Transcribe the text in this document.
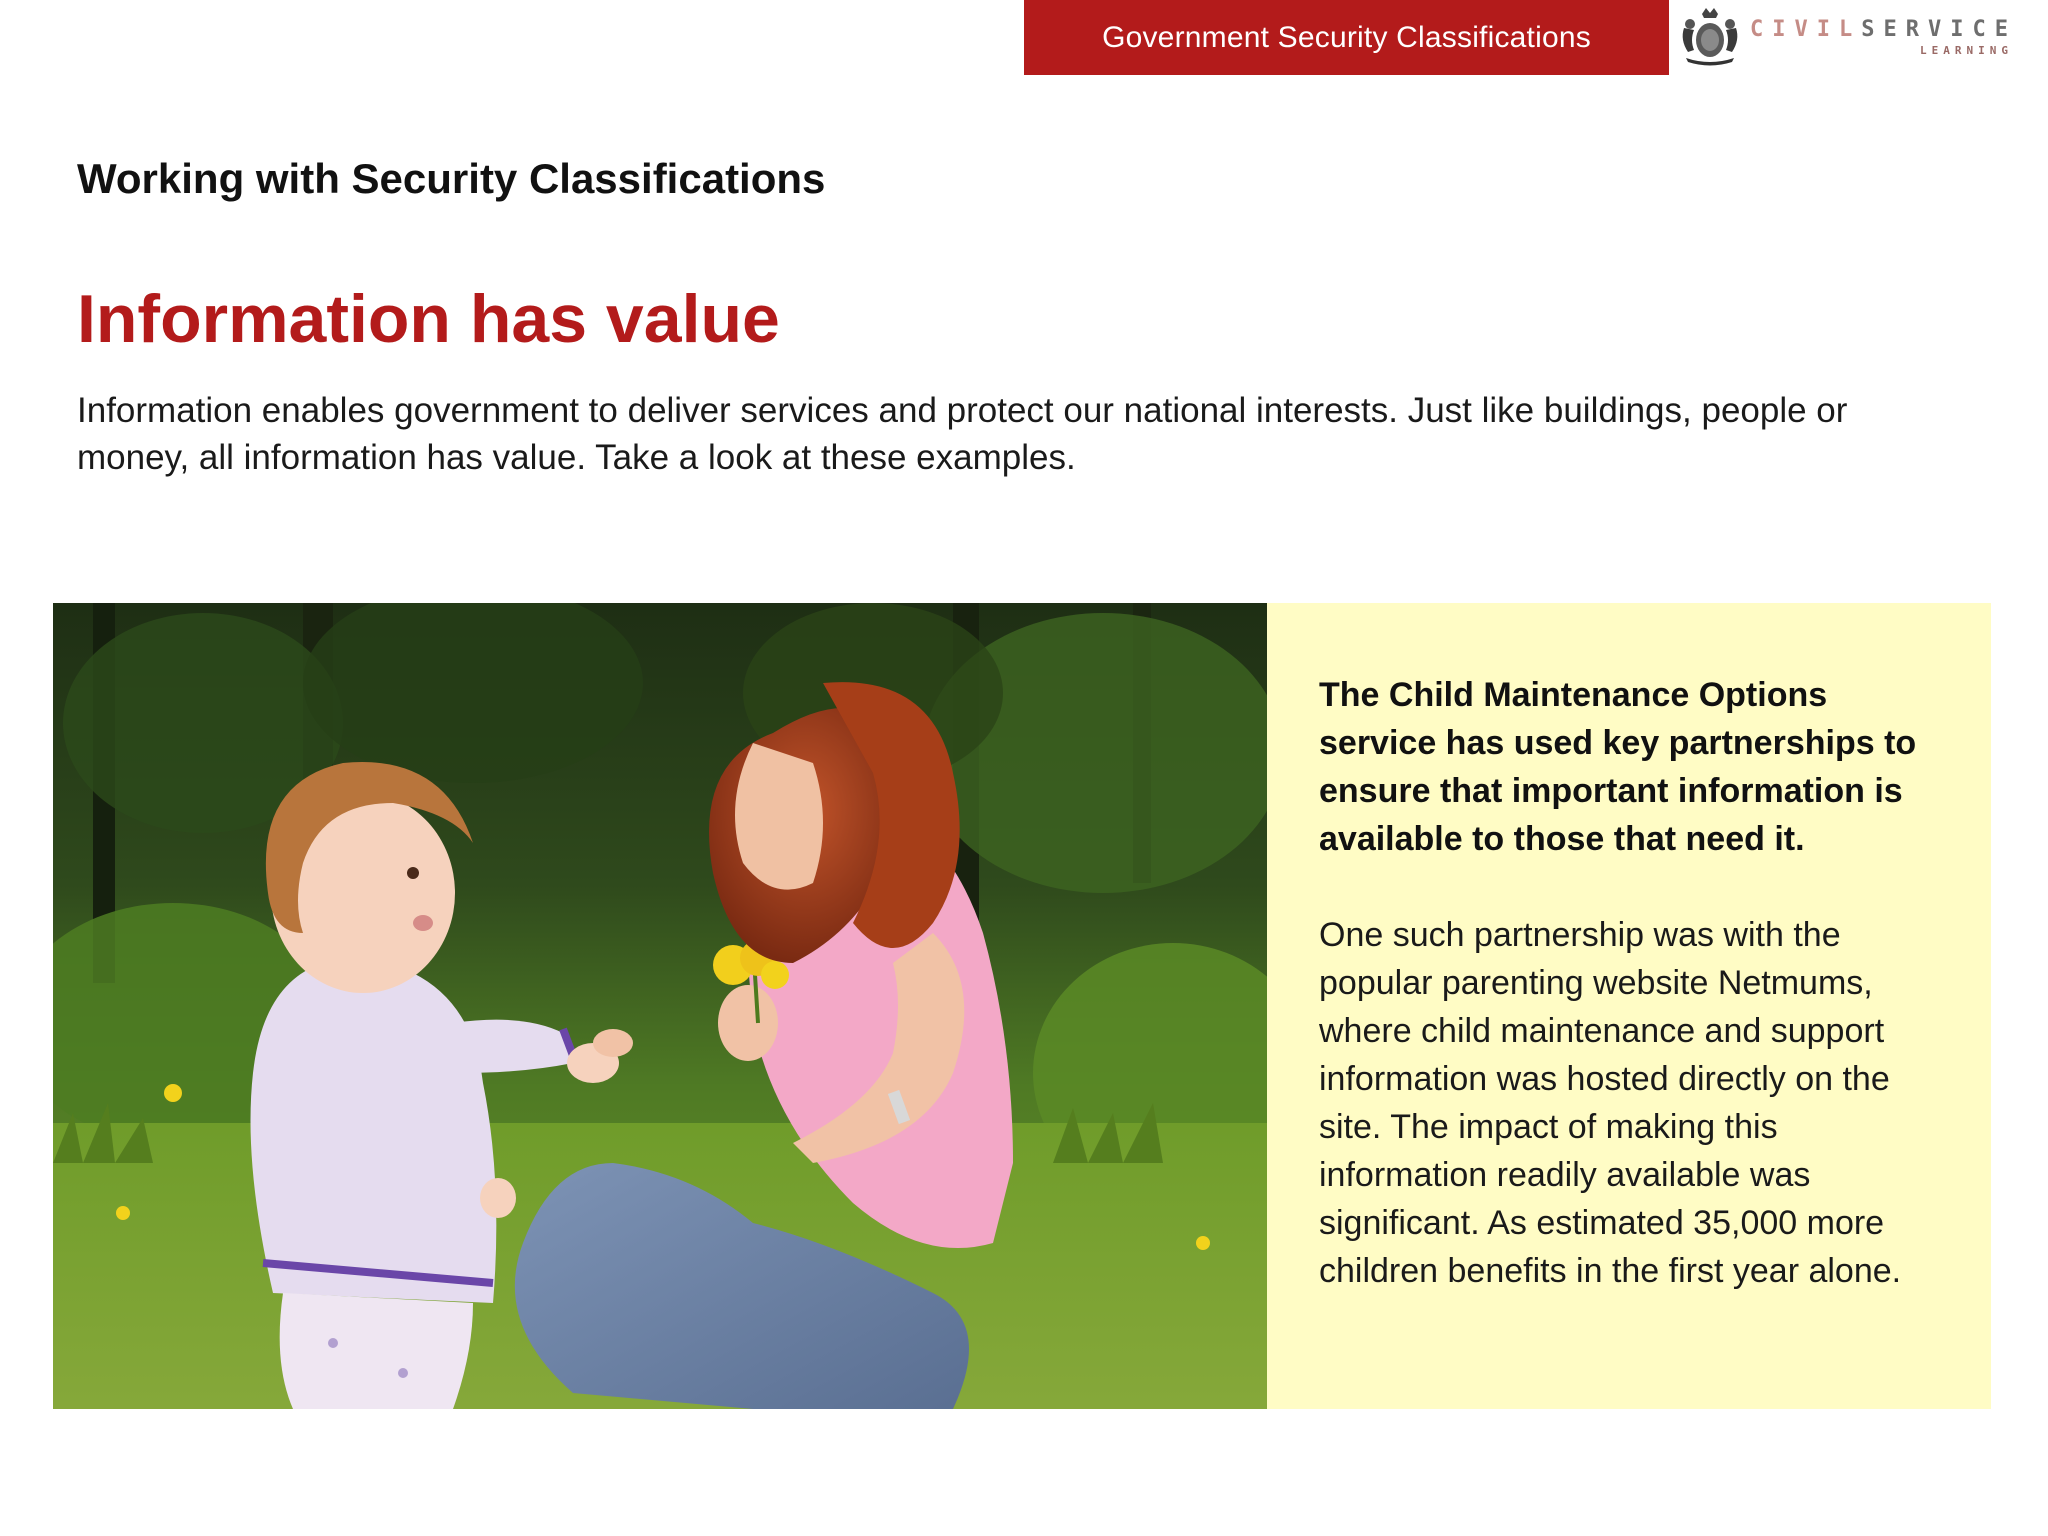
Government Security Classifications	CIVILSERVICE
LEARNING
Working with Security Classifications
Information has value
Information enables government to deliver services and protect our national interests. Just like buildings, people or money, all information has value. Take a look at these examples.
The Child Maintenance Options service has used key partnerships to ensure that important information is available to those that need it.
One such partnership was with the popular parenting website Netmums, where child maintenance and support information was hosted directly on the site. The impact of making this information readily available was significant. As estimated 35,000 more children benefits in the first year alone.
